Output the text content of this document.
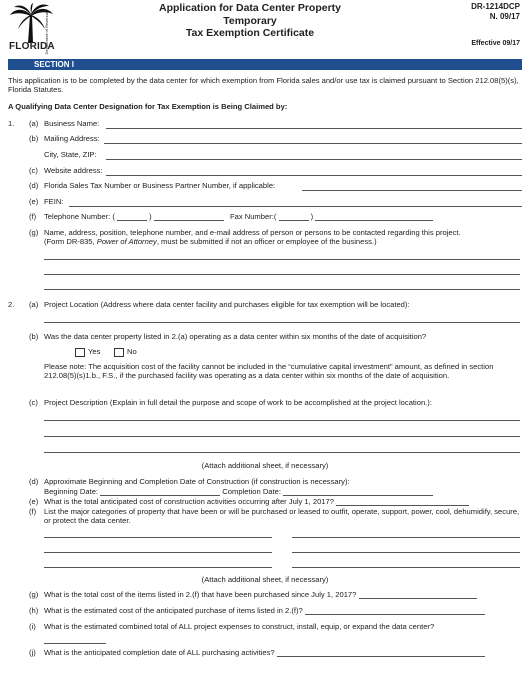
FLORIDA
Department of Revenue
Application for Data Center Property
Temporary
Tax Exemption Certificate
DR-1214DCP
N. 09/17
Effective 09/17
SECTION I
This application is to be completed by the data center for which exemption from Florida sales and/or use tax is claimed pursuant to Section 212.08(5)(s), Florida Statutes.
A Qualifying Data Center Designation for Tax Exemption is Being Claimed by:
1. (a) Business Name:
(b) Mailing Address:
City, State, ZIP:
(c) Website address:
(d) Florida Sales Tax Number or Business Partner Number, if applicable:
(e) FEIN:
(f) Telephone Number: (	)	Fax Number:(	)
(g) Name, address, position, telephone number, and e-mail address of person or persons to be contacted regarding this project.
(Form DR-835, Power of Attorney, must be submitted if not an officer or employee of the business.)
2. (a) Project Location (Address where data center facility and purchases eligible for tax exemption will be located):
(b) Was the data center property listed in 2.(a) operating as a data center within six months of the date of acquisition?
Yes	No
Please note: The acquisition cost of the facility cannot be included in the “cumulative capital investment” amount, as defined in section 212.08(5)(s)1.b., F.S., if the purchased facility was operating as a data center within six months of the date of acquisition.
(c) Project Description (Explain in full detail the purpose and scope of work to be accomplished at the project location.):
(Attach additional sheet, if necessary)
(d) Approximate Beginning and Completion Date of Construction (if construction is necessary):
Beginning Date:	Completion Date:
(e) What is the total anticipated cost of construction activities occurring after July 1, 2017?
(f) List the major categories of property that have been or will be purchased or leased to outfit, operate, support, power, cool, dehumidify, secure, or protect the data center.
(Attach additional sheet, if necessary)
(g) What is the total cost of the items listed in 2.(f) that have been purchased since July 1, 2017?
(h) What is the estimated cost of the anticipated purchase of items listed in 2.(f)?
(i) What is the estimated combined total of ALL project expenses to construct, install, equip, or expand the data center?
(j) What is the anticipated completion date of ALL purchasing activities?
